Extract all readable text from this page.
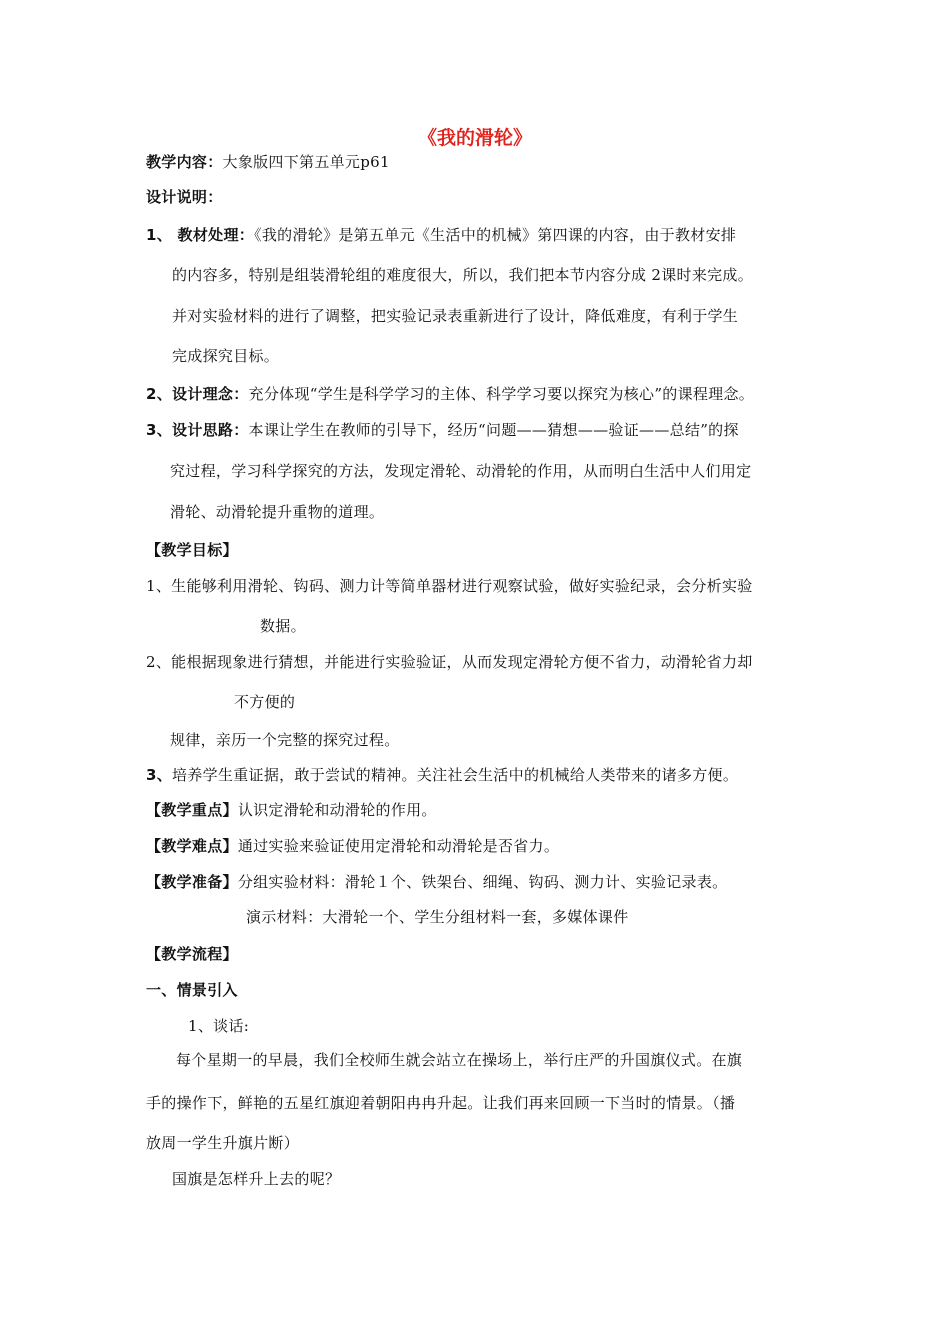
《我的滑轮》
教学内容：大象版四下第五单元p61
设计说明：
1、 教材处理：《我的滑轮》是第五单元《生活中的机械》第四课的内容，由于教材安排
的内容多，特别是组装滑轮组的难度很大，所以，我们把本节内容分成 2课时来完成。
并对实验材料的进行了调整，把实验记录表重新进行了设计，降低难度，有利于学生
完成探究目标。
2、设计理念：充分体现“学生是科学学习的主体、科学学习要以探究为核心”的课程理念。
3、设计思路：本课让学生在教师的引导下，经历“问题——猜想——验证——总结”的探
究过程，学习科学探究的方法，发现定滑轮、动滑轮的作用，从而明白生活中人们用定
滑轮、动滑轮提升重物的道理。
【教学目标】
1、生能够利用滑轮、钩码、测力计等简单器材进行观察试验，做好实验纪录，会分析实验
数据。
2、能根据现象进行猜想，并能进行实验验证，从而发现定滑轮方便不省力，动滑轮省力却
不方便的
规律，亲历一个完整的探究过程。
3、培养学生重证据，敢于尝试的精神。关注社会生活中的机械给人类带来的诸多方便。
【教学重点】认识定滑轮和动滑轮的作用。
【教学难点】通过实验来验证使用定滑轮和动滑轮是否省力。
【教学准备】分组实验材料：滑轮１个、铁架台、细绳、钩码、测力计、实验记录表。
演示材料：大滑轮一个、学生分组材料一套，多媒体课件
【教学流程】
一、情景引入
1、谈话:
每个星期一的早晨，我们全校师生就会站立在操场上，举行庄严的升国旗仪式。在旗
手的操作下，鲜艳的五星红旗迎着朝阳冉冉升起。让我们再来回顾一下当时的情景。（播
放周一学生升旗片断）
国旗是怎样升上去的呢？
